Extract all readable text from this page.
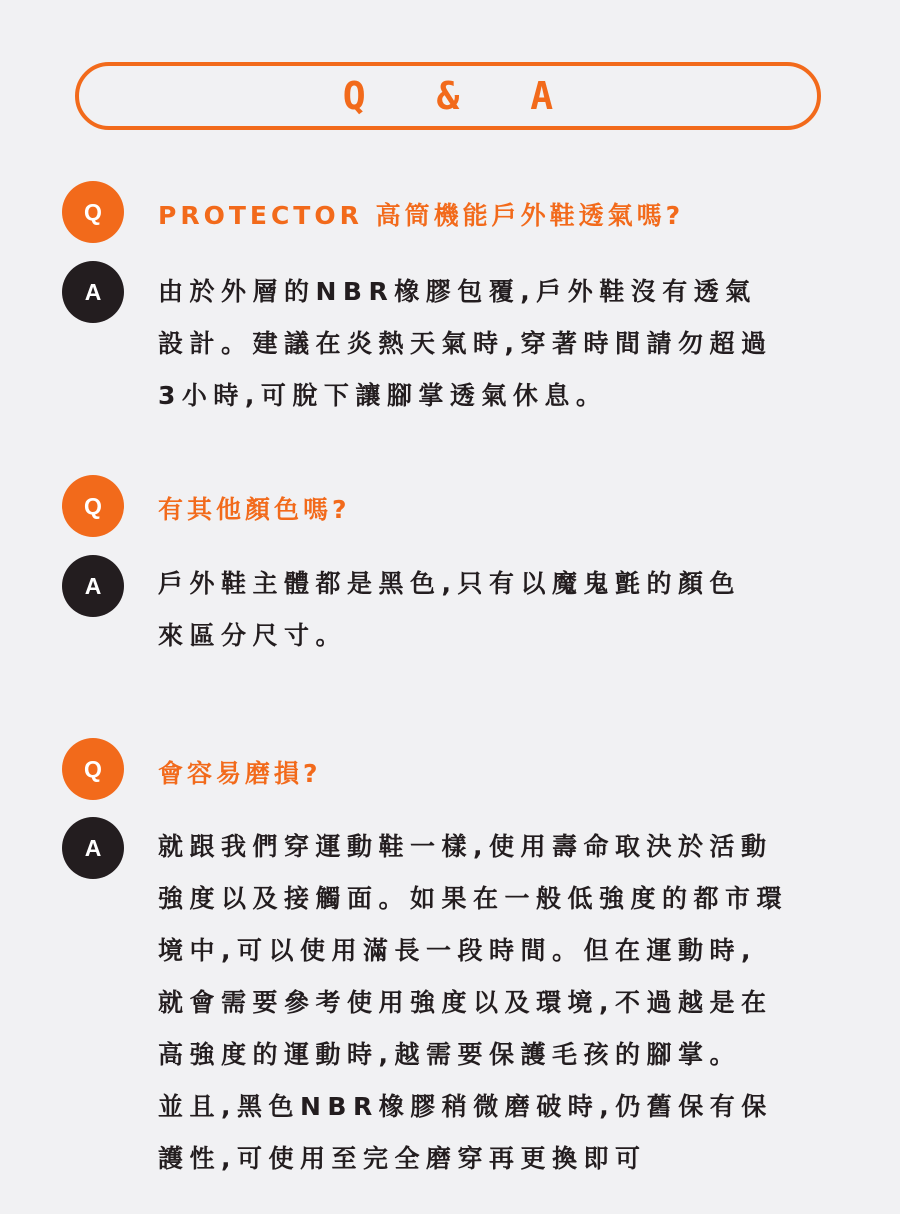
Q & A
Q PROTECTOR 高筒機能戶外鞋透氣嗎?
A 由於外層的NBR橡膠包覆,戶外鞋沒有透氣
設計。建議在炎熱天氣時,穿著時間請勿超過
3小時,可脫下讓腳掌透氣休息。
Q 有其他顏色嗎?
A 戶外鞋主體都是黑色,只有以魔鬼氈的顏色
來區分尺寸。
Q 會容易磨損?
A 就跟我們穿運動鞋一樣,使用壽命取決於活動
強度以及接觸面。如果在一般低強度的都市環
境中,可以使用滿長一段時間。但在運動時,
就會需要參考使用強度以及環境,不過越是在
高強度的運動時,越需要保護毛孩的腳掌。
並且,黑色NBR橡膠稍微磨破時,仍舊保有保
護性,可使用至完全磨穿再更換即可
